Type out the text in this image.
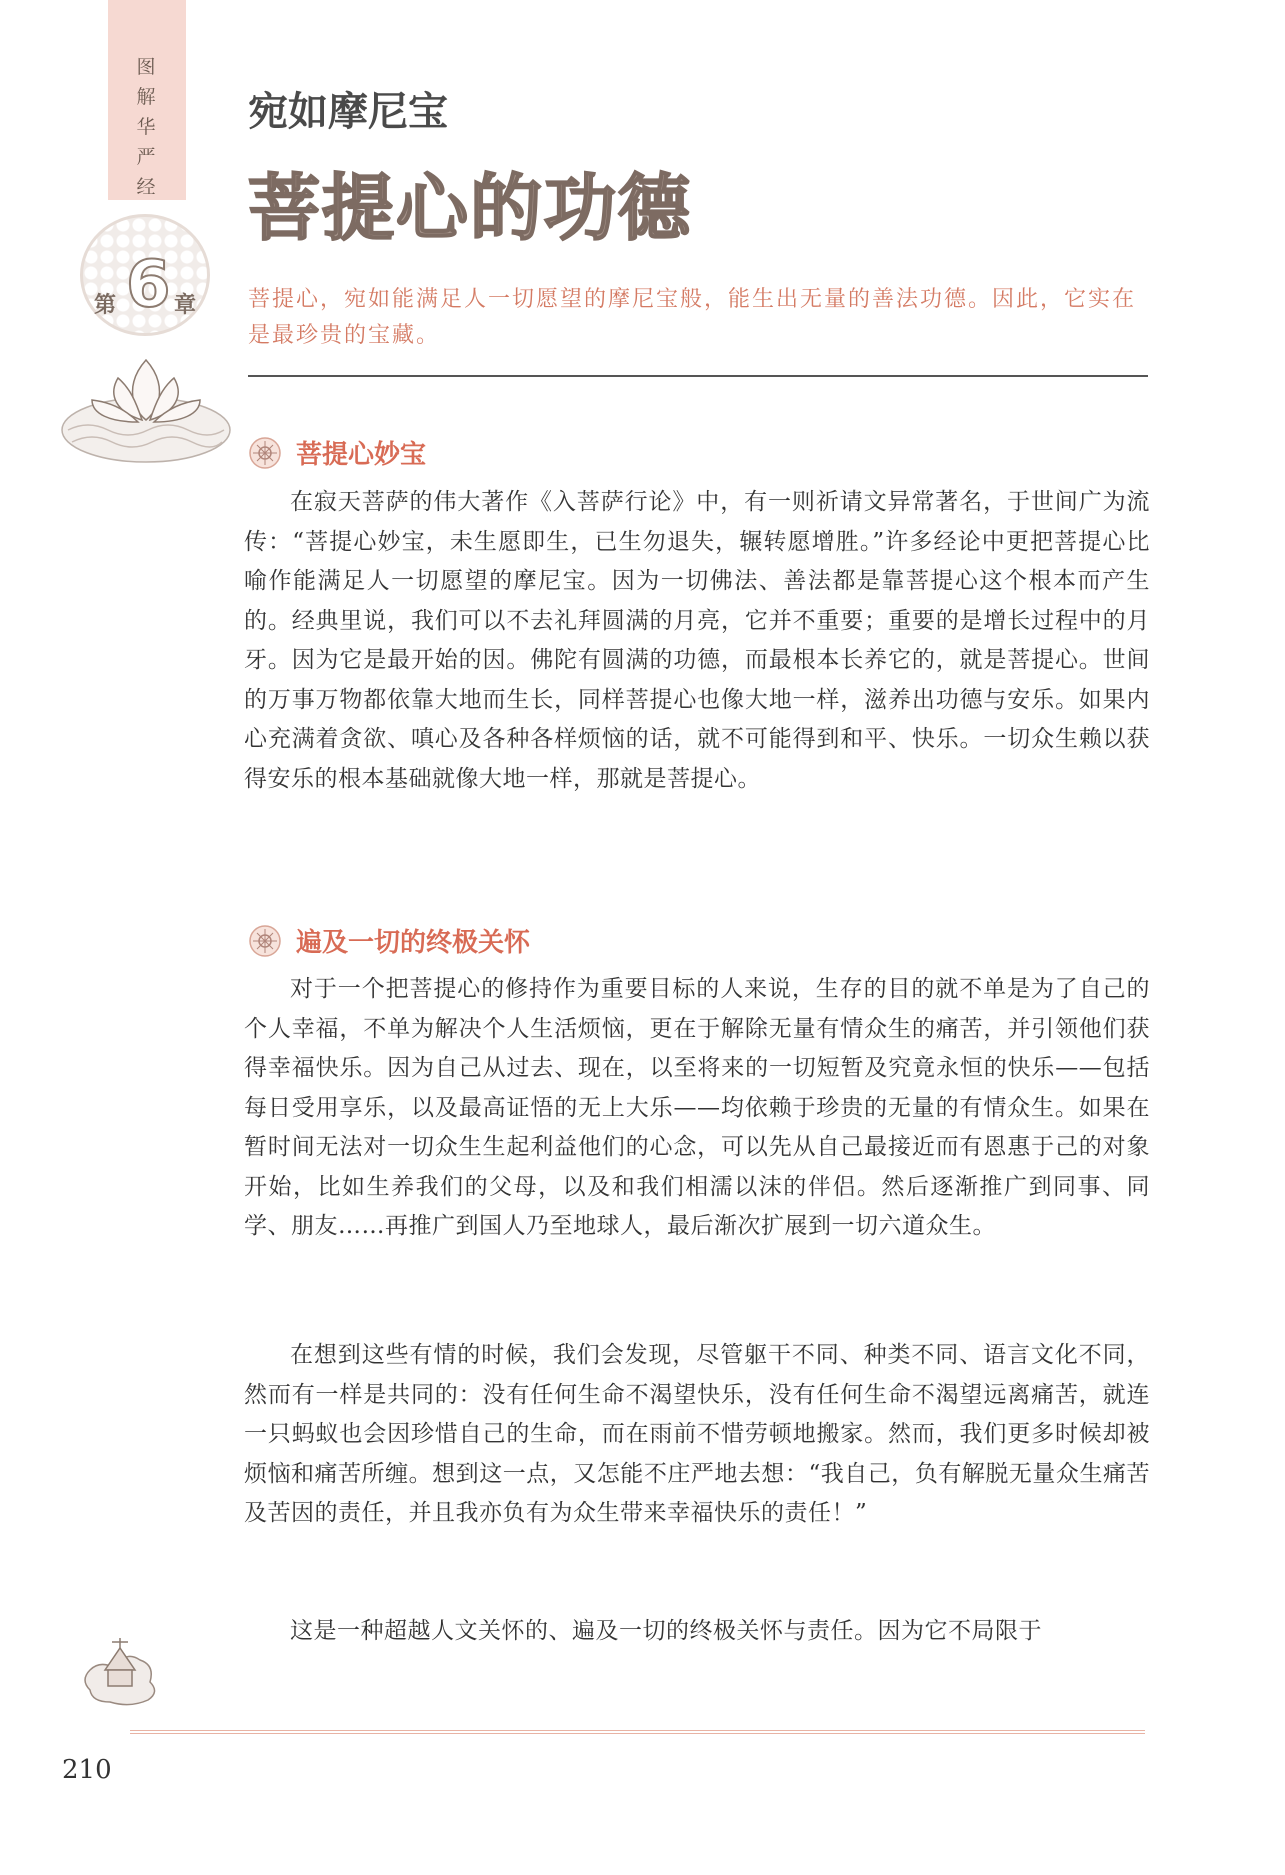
图
解
华
严
经
第 6 章
宛如摩尼宝
菩提心的功德
菩提心，宛如能满足人一切愿望的摩尼宝般，能生出无量的善法功德。因此，它实在是最珍贵的宝藏。
菩提心妙宝

在寂天菩萨的伟大著作《入菩萨行论》中，有一则祈请文异常著名，于世间广为流传：“菩提心妙宝，未生愿即生，已生勿退失，辗转愿增胜。”许多经论中更把菩提心比喻作能满足人一切愿望的摩尼宝。因为一切佛法、善法都是靠菩提心这个根本而产生的。经典里说，我们可以不去礼拜圆满的月亮，它并不重要；重要的是增长过程中的月牙。因为它是最开始的因。佛陀有圆满的功德，而最根本长养它的，就是菩提心。世间的万事万物都依靠大地而生长，同样菩提心也像大地一样，滋养出功德与安乐。如果内心充满着贪欲、嗔心及各种各样烦恼的话，就不可能得到和平、快乐。一切众生赖以获得安乐的根本基础就像大地一样，那就是菩提心。

遍及一切的终极关怀

对于一个把菩提心的修持作为重要目标的人来说，生存的目的就不单是为了自己的个人幸福，不单为解决个人生活烦恼，更在于解除无量有情众生的痛苦，并引领他们获得幸福快乐。因为自己从过去、现在，以至将来的一切短暂及究竟永恒的快乐——包括每日受用享乐，以及最高证悟的无上大乐——均依赖于珍贵的无量的有情众生。如果在暂时间无法对一切众生生起利益他们的心念，可以先从自己最接近而有恩惠于己的对象开始，比如生养我们的父母，以及和我们相濡以沫的伴侣。然后逐渐推广到同事、同学、朋友……再推广到国人乃至地球人，最后渐次扩展到一切六道众生。

在想到这些有情的时候，我们会发现，尽管躯干不同、种类不同、语言文化不同，然而有一样是共同的：没有任何生命不渴望快乐，没有任何生命不渴望远离痛苦，就连一只蚂蚁也会因珍惜自己的生命，而在雨前不惜劳顿地搬家。然而，我们更多时候却被烦恼和痛苦所缠。想到这一点，又怎能不庄严地去想：“我自己，负有解脱无量众生痛苦及苦因的责任，并且我亦负有为众生带来幸福快乐的责任！”

这是一种超越人文关怀的、遍及一切的终极关怀与责任。因为它不局限于

210
